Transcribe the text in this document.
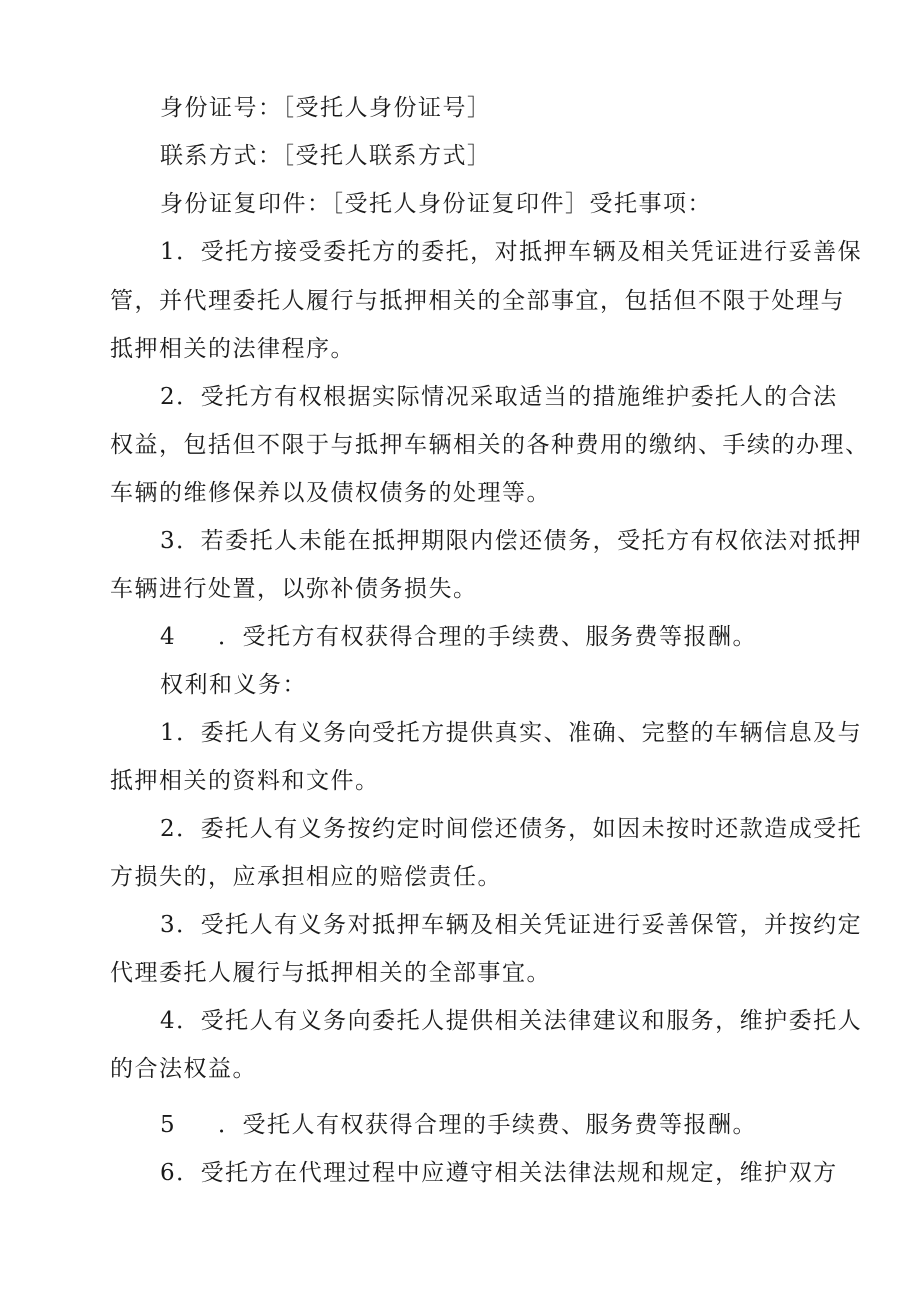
身份证号：［受托人身份证号］
联系方式：［受托人联系方式］
身份证复印件：［受托人身份证复印件］受托事项：
1．受托方接受委托方的委托，对抵押车辆及相关凭证进行妥善保
管，并代理委托人履行与抵押相关的全部事宜，包括但不限于处理与
抵押相关的法律程序。
2．受托方有权根据实际情况采取适当的措施维护委托人的合法
权益，包括但不限于与抵押车辆相关的各种费用的缴纳、手续的办理、
车辆的维修保养以及债权债务的处理等。
3．若委托人未能在抵押期限内偿还债务，受托方有权依法对抵押
车辆进行处置，以弥补债务损失。
4 ．受托方有权获得合理的手续费、服务费等报酬。
权利和义务：
1．委托人有义务向受托方提供真实、准确、完整的车辆信息及与
抵押相关的资料和文件。
2．委托人有义务按约定时间偿还债务，如因未按时还款造成受托
方损失的，应承担相应的赔偿责任。
3．受托人有义务对抵押车辆及相关凭证进行妥善保管，并按约定
代理委托人履行与抵押相关的全部事宜。
4．受托人有义务向委托人提供相关法律建议和服务，维护委托人
的合法权益。
5 ．受托人有权获得合理的手续费、服务费等报酬。
6．受托方在代理过程中应遵守相关法律法规和规定，维护双方
